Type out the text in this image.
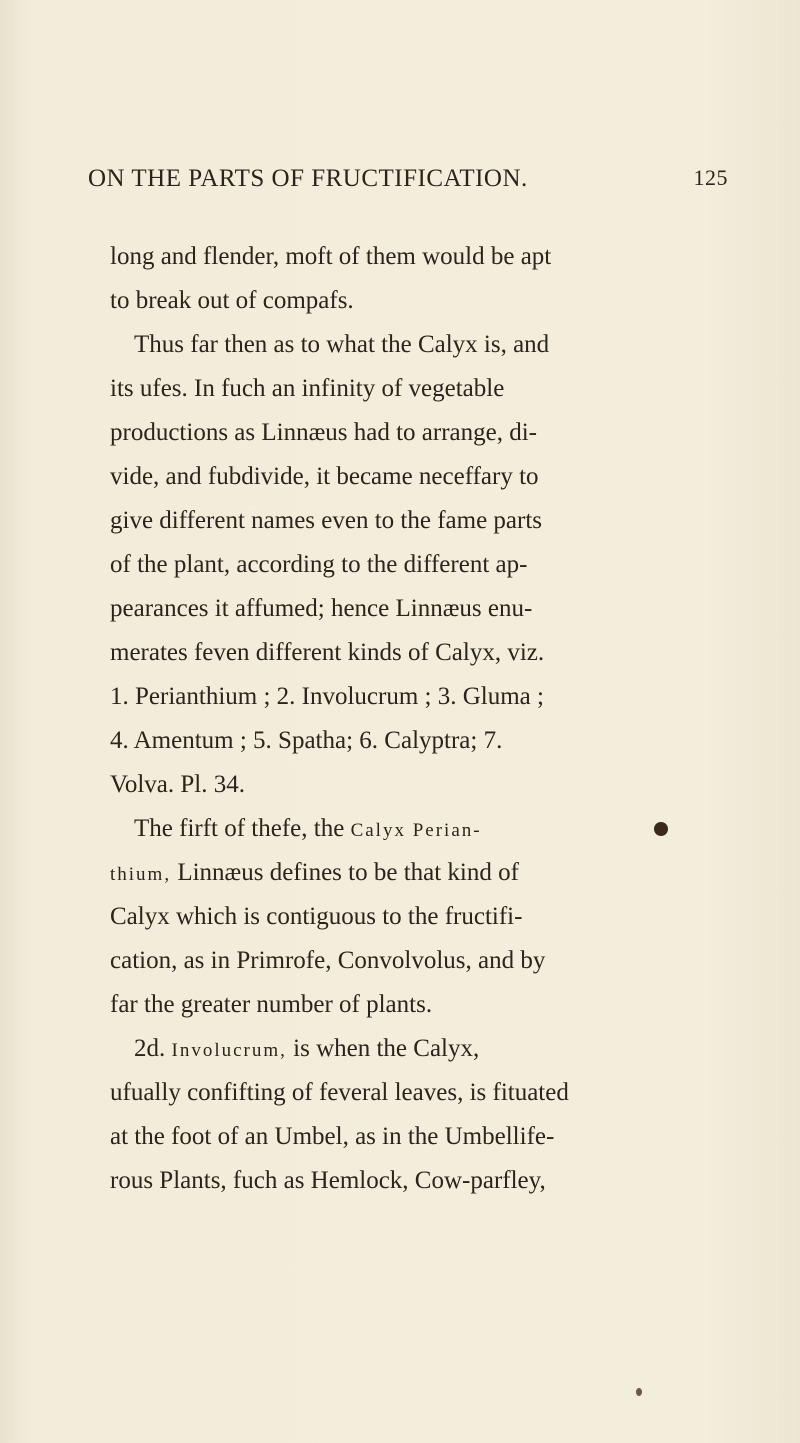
ON THE PARTS OF FRUCTIFICATION.	125
long and flender, moft of them would be apt
to break out of compafs.
Thus far then as to what the Calyx is, and
its ufes. In fuch an infinity of vegetable
productions as Linnæus had to arrange, di-
vide, and fubdivide, it became neceffary to
give different names even to the fame parts
of the plant, according to the different ap-
pearances it affumed; hence Linnæus enu-
merates feven different kinds of Calyx, viz.
1. Perianthium ; 2. Involucrum ; 3. Gluma ;
4. Amentum ; 5. Spatha; 6. Calyptra; 7.
Volva. Pl. 34.
The firft of thefe, the Calyx Perian-
thium, Linnæus defines to be that kind of
Calyx which is contiguous to the fructifi-
cation, as in Primrofe, Convolvolus, and by
far the greater number of plants.
2d. Involucrum, is when the Calyx,
ufually confifting of feveral leaves, is fituated
at the foot of an Umbel, as in the Umbellife-
rous Plants, fuch as Hemlock, Cow-parfley,
